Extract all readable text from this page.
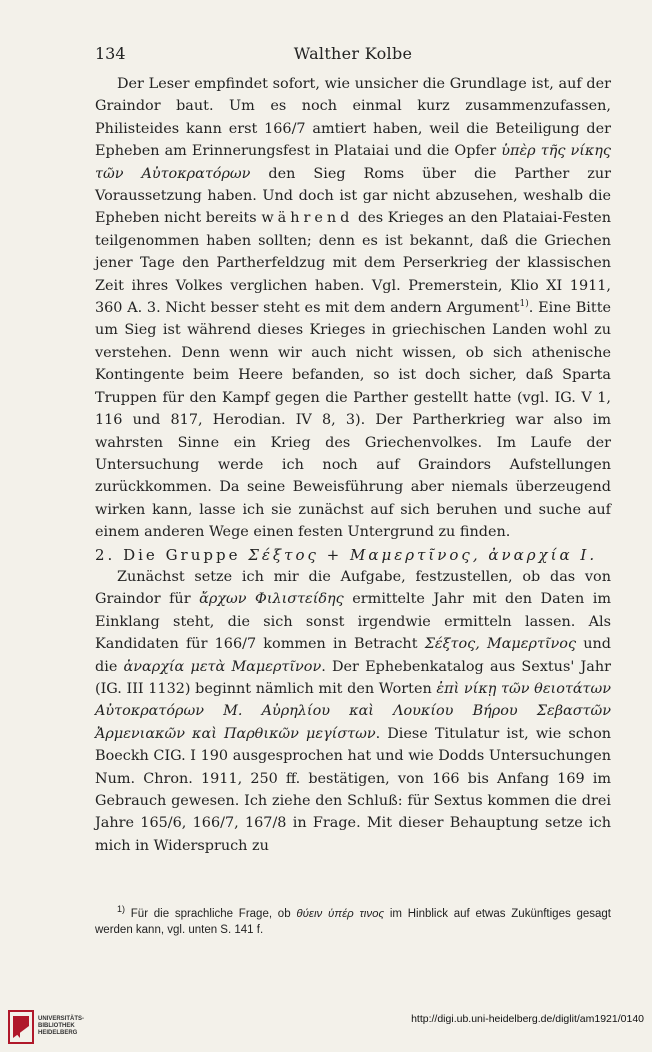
134	Walther Kolbe

Der Leser empfindet sofort, wie unsicher die Grundlage ist, auf der Graindor baut. Um es noch einmal kurz zusammenzufassen, Philisteides kann erst 166/7 amtiert haben, weil die Beteiligung der Epheben am Erinnerungsfest in Plataiai und die Opfer ὑπὲρ τῆς νίκης τῶν Αὐτοκρατόρων den Sieg Roms über die Parther zur Voraussetzung haben. Und doch ist gar nicht abzusehen, weshalb die Epheben nicht bereits während des Krieges an den Plataiai-Festen teilgenommen haben sollten; denn es ist bekannt, daß die Griechen jener Tage den Partherfeldzug mit dem Perserkrieg der klassischen Zeit ihres Volkes verglichen haben. Vgl. Premerstein, Klio XI 1911, 360 A. 3. Nicht besser steht es mit dem andern Argument$^{1)}$. Eine Bitte um Sieg ist während dieses Krieges in griechischen Landen wohl zu verstehen. Denn wenn wir auch nicht wissen, ob sich athenische Kontingente beim Heere befanden, so ist doch sicher, daß Sparta Truppen für den Kampf gegen die Parther gestellt hatte (vgl. IG. V 1, 116 und 817, Herodian. IV 8, 3). Der Partherkrieg war also im wahrsten Sinne ein Krieg des Griechenvolkes. Im Laufe der Untersuchung werde ich noch auf Graindors Aufstellungen zurückkommen. Da seine Beweisführung aber niemals überzeugend wirken kann, lasse ich sie zunächst auf sich beruhen und suche auf einem anderen Wege einen festen Untergrund zu finden.

2. Die Gruppe Σέξτος + Μαμερτῖνος, ἀναρχία I.

Zunächst setze ich mir die Aufgabe, festzustellen, ob das von Graindor für ἄρχων Φιλιστείδης ermittelte Jahr mit den Daten im Einklang steht, die sich sonst irgendwie ermitteln lassen. Als Kandidaten für 166/7 kommen in Betracht Σέξτος, Μαμερτῖνος und die ἀναρχία μετὰ Μαμερτῖνον. Der Ephebenkatalog aus Sextus' Jahr (IG. III 1132) beginnt nämlich mit den Worten ἐπὶ νίκῃ τῶν θειοτάτων Αὐτοκρατόρων Μ. Αὐρηλίου καὶ Λουκίου Βήρου Σεβαστῶν Ἀρμενιακῶν καὶ Παρθικῶν μεγίστων. Diese Titulatur ist, wie schon Boeckh CIG. I 190 ausgesprochen hat und wie Dodds Untersuchungen Num. Chron. 1911, 250 ff. bestätigen, von 166 bis Anfang 169 im Gebrauch gewesen. Ich ziehe den Schluß: für Sextus kommen die drei Jahre 165/6, 166/7, 167/8 in Frage. Mit dieser Behauptung setze ich mich in Widerspruch zu

$^{1)}$ Für die sprachliche Frage, ob θύειν ὑπέρ τινος im Hinblick auf etwas Zukünftiges gesagt werden kann, vgl. unten S. 141 f.
UNIVERSITÄTS-
BIBLIOTHEK
HEIDELBERG
http://digi.ub.uni-heidelberg.de/diglit/am1921/0140
